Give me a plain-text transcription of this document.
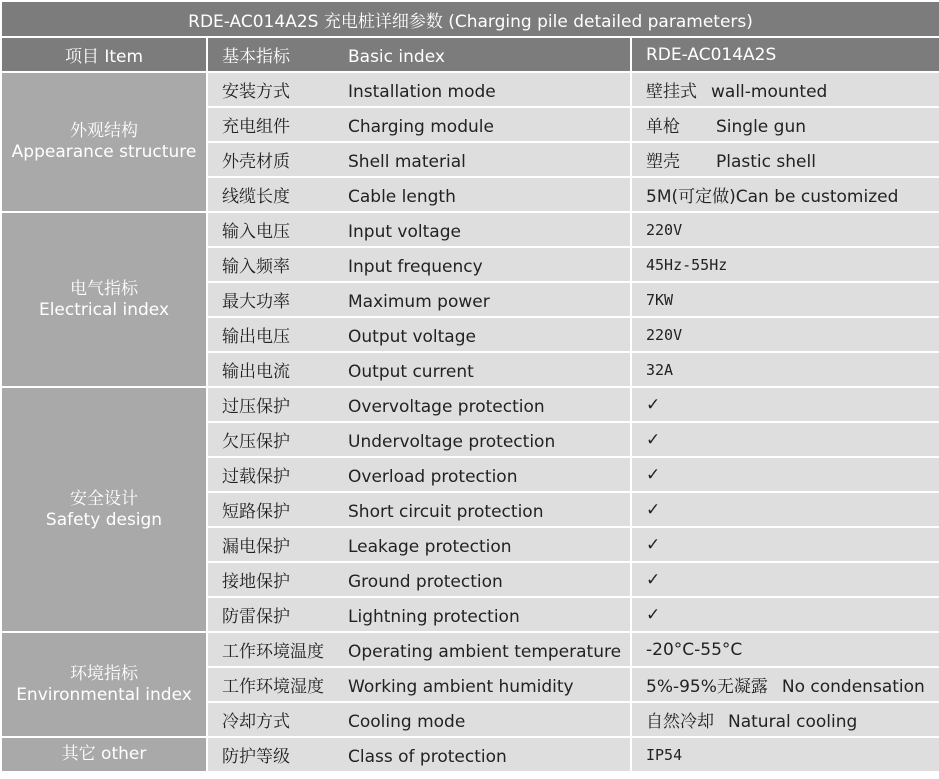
RDE-AC014A2S 充电桩详细参数 (Charging pile detailed parameters)		
项目 Item	基本指标 Basic index	RDE-AC014A2S

外观结构
Appearance structure	安装方式 Installation mode	壁挂式 wall-mounted
	充电组件 Charging module	单枪 Single gun
	外壳材质 Shell material	塑壳 Plastic shell
	线缆长度 Cable length	5M(可定做)Can be customized

电气指标
Electrical index	输入电压 Input voltage	220V
	输入频率 Input frequency	45Hz-55Hz
	最大功率 Maximum power	7KW
	输出电压 Output voltage	220V
	输出电流 Output current	32A

安全设计
Safety design	过压保护 Overvoltage protection	✓
	欠压保护 Undervoltage protection	✓
	过载保护 Overload protection	✓
	短路保护 Short circuit protection	✓
	漏电保护 Leakage protection	✓
	接地保护 Ground protection	✓
	防雷保护 Lightning protection	✓

环境指标
Environmental index	工作环境温度 Operating ambient temperature	-20°C-55°C
	工作环境湿度 Working ambient humidity	5%-95%无凝露 No condensation
	冷却方式 Cooling mode	自然冷却 Natural cooling
其它 other	防护等级 Class of protection	IP54
